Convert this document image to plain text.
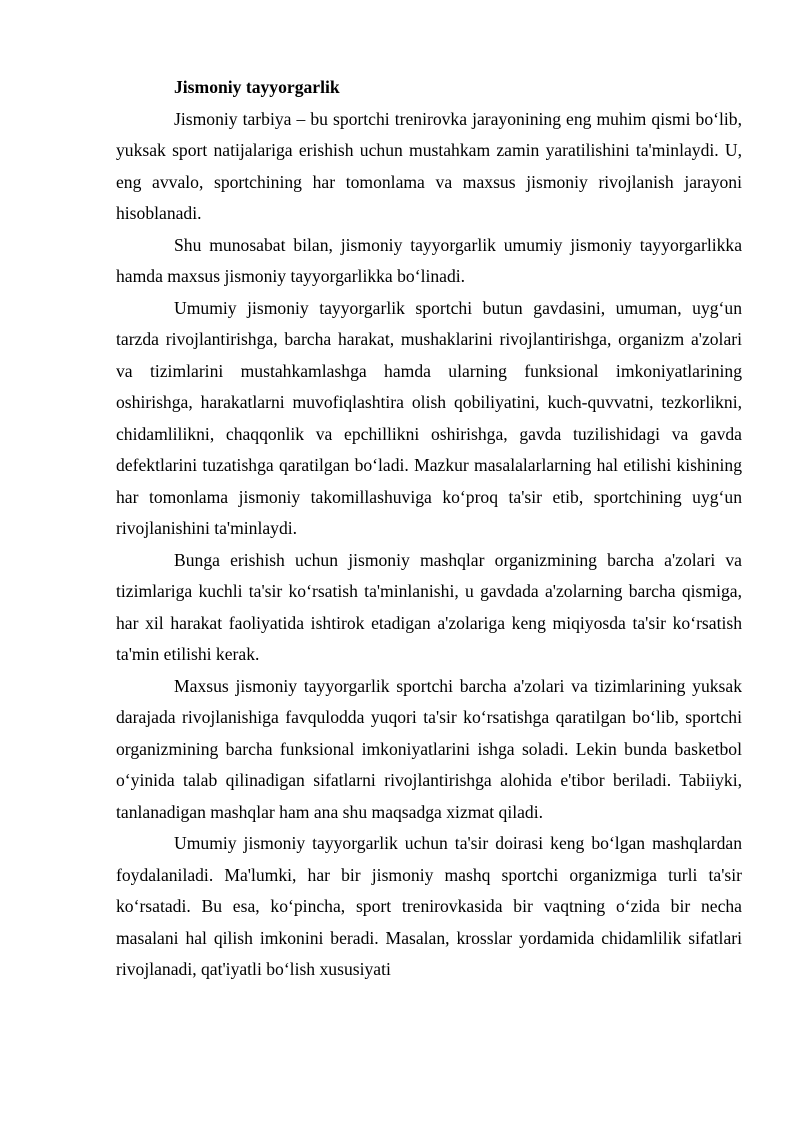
Jismoniy tayyorgarlik

Jismoniy tarbiya – bu sportchi trenirovka jarayonining eng muhim qismi bo‘lib, yuksak sport natijalariga erishish uchun mustahkam zamin yaratilishini ta'minlaydi. U, eng avvalo, sportchining har tomonlama va maxsus jismoniy rivojlanish jarayoni hisoblanadi.

Shu munosabat bilan, jismoniy tayyorgarlik umumiy jismoniy tayyorgarlikka hamda maxsus jismoniy tayyorgarlikka bo‘linadi.

Umumiy jismoniy tayyorgarlik sportchi butun gavdasini, umuman, uyg‘un tarzda rivojlantirishga, barcha harakat, mushaklarini rivojlantirishga, organizm a'zolari va tizimlarini mustahkamlashga hamda ularning funksional imkoniyatlarining oshirishga, harakatlarni muvofiqlashtira olish qobiliyatini, kuch-quvvatni, tezkorlikni, chidamlilikni, chaqqonlik va epchillikni oshirishga, gavda tuzilishidagi va gavda defektlarini tuzatishga qaratilgan bo‘ladi. Mazkur masalalarlarning hal etilishi kishining har tomonlama jismoniy takomillashuviga ko‘proq ta'sir etib, sportchining uyg‘un rivojlanishini ta'minlaydi.

Bunga erishish uchun jismoniy mashqlar organizmining barcha a'zolari va tizimlariga kuchli ta'sir ko‘rsatish ta'minlanishi, u gavdada a'zolarning barcha qismiga, har xil harakat faoliyatida ishtirok etadigan a'zolariga keng miqiyosda ta'sir ko‘rsatish ta'min etilishi kerak.

Maxsus jismoniy tayyorgarlik sportchi barcha a'zolari va tizimlarining yuksak darajada rivojlanishiga favqulodda yuqori ta'sir ko‘rsatishga qaratilgan bo‘lib, sportchi organizmining barcha funksional imkoniyatlarini ishga soladi. Lekin bunda basketbol o‘yinida talab qilinadigan sifatlarni rivojlantirishga alohida e'tibor beriladi. Tabiiyki, tanlanadigan mashqlar ham ana shu maqsadga xizmat qiladi.

Umumiy jismoniy tayyorgarlik uchun ta'sir doirasi keng bo‘lgan mashqlardan foydalaniladi. Ma'lumki, har bir jismoniy mashq sportchi organizmiga turli ta'sir ko‘rsatadi. Bu esa, ko‘pincha, sport trenirovkasida bir vaqtning o‘zida bir necha masalani hal qilish imkonini beradi. Masalan, krosslar yordamida chidamlilik sifatlari rivojlanadi, qat'iyatli bo‘lish xususiyati
